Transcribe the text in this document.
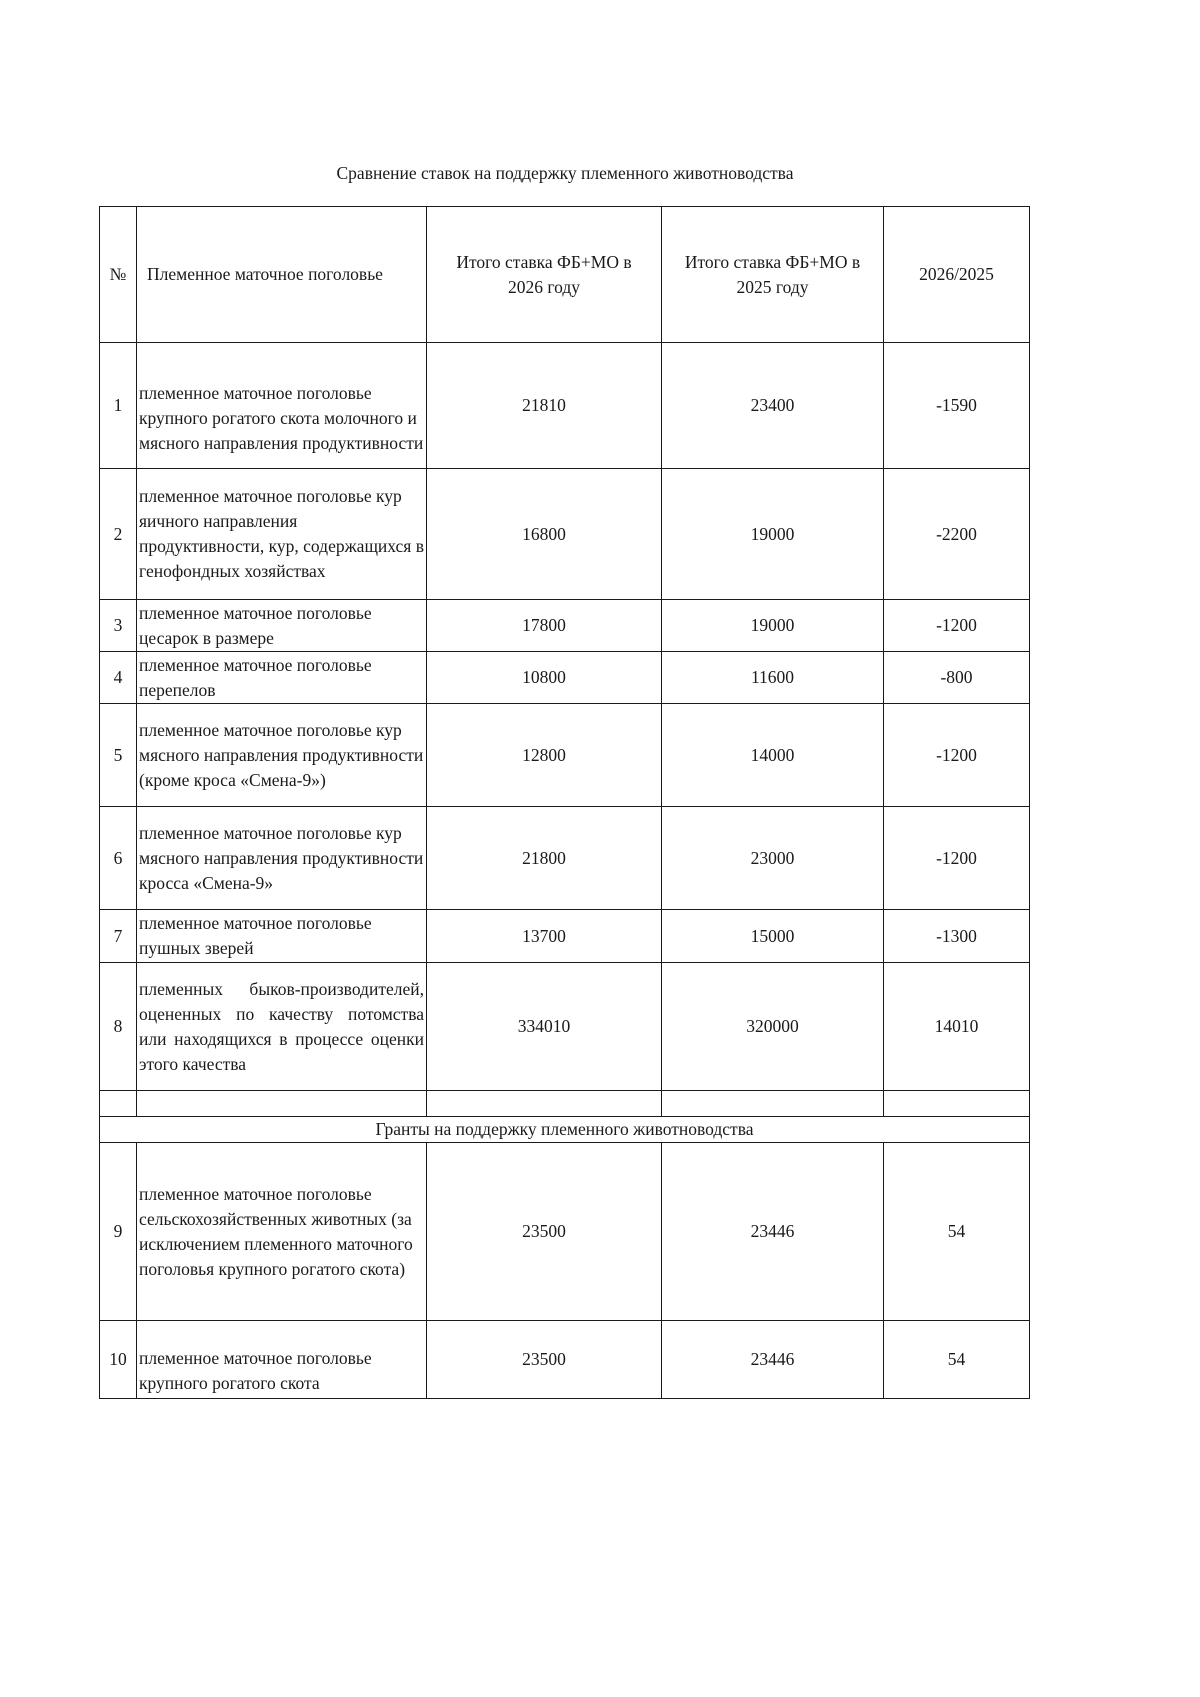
Сравнение ставок на поддержку племенного животноводства
№	Племенное маточное поголовье	Итого ставка ФБ+МО в 2026 году	Итого ставка ФБ+МО в 2025 году	2026/2025
1	племенное маточное поголовье крупного рогатого скота молочного и мясного направления продуктивности	21810	23400	-1590
2	племенное маточное поголовье кур яичного направления продуктивности, кур, содержащихся в генофондных хозяйствах	16800	19000	-2200
3	племенное маточное поголовье цесарок в размере	17800	19000	-1200
4	племенное маточное поголовье перепелов	10800	11600	-800
5	племенное маточное поголовье кур мясного направления продуктивности (кроме кроса «Смена-9»)	12800	14000	-1200
6	племенное маточное поголовье кур мясного направления продуктивности кросса «Смена-9»	21800	23000	-1200
7	племенное маточное поголовье пушных зверей	13700	15000	-1300
8	племенных быков-производителей, оцененных по качеству потомства или находящихся в процессе оценки этого качества	334010	320000	14010

Гранты на поддержку племенного животноводства				
9	племенное маточное поголовье сельскохозяйственных животных (за исключением племенного маточного поголовья крупного рогатого скота)	23500	23446	54
10	племенное маточное поголовье крупного рогатого скота	23500	23446	54
